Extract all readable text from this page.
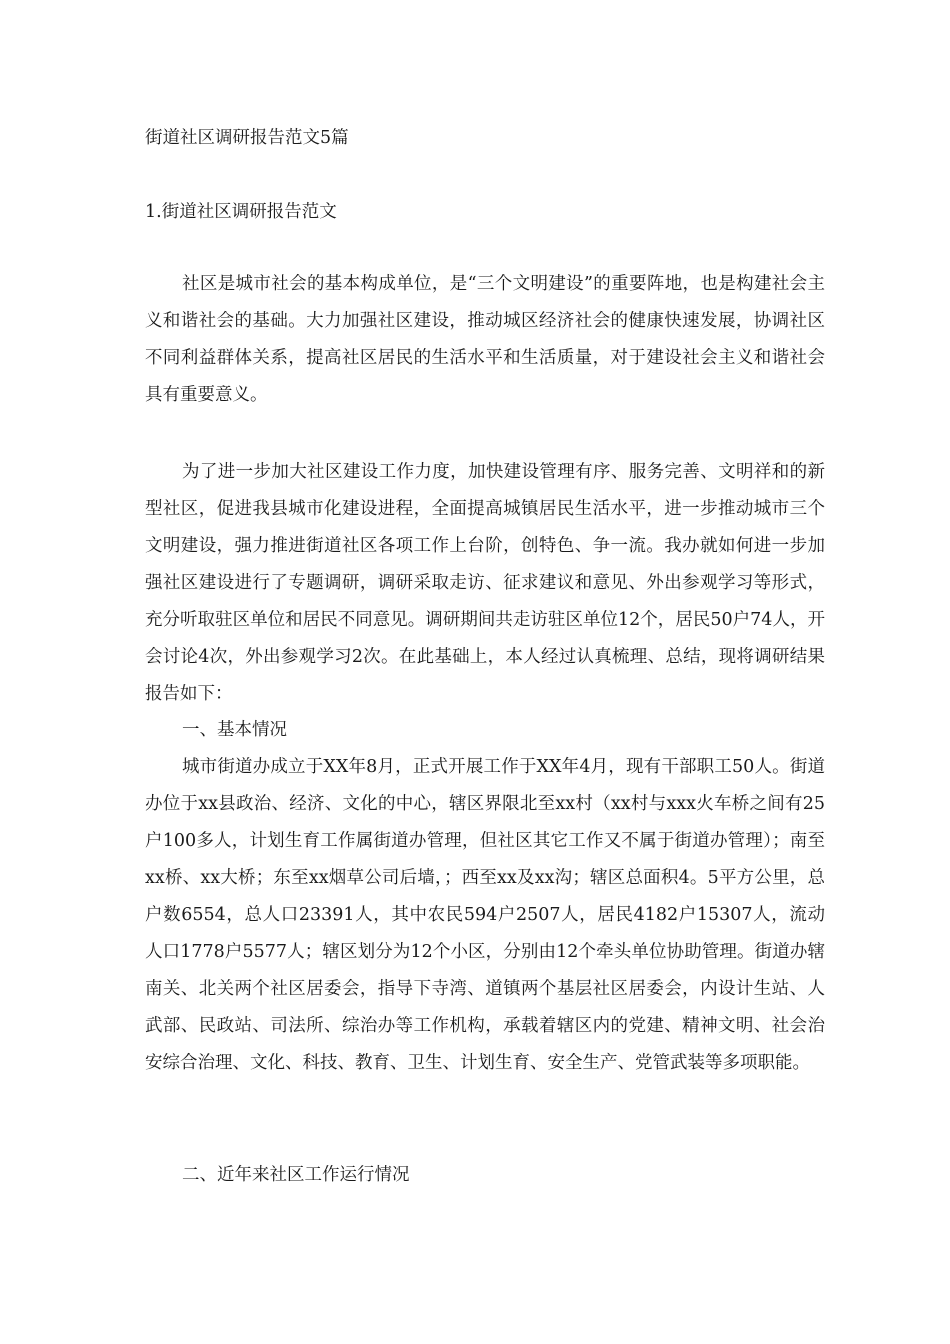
街道社区调研报告范文5篇
1.街道社区调研报告范文
社区是城市社会的基本构成单位，是“三个文明建设”的重要阵地，也是构建社会主义和谐社会的基础。大力加强社区建设，推动城区经济社会的健康快速发展，协调社区不同利益群体关系，提高社区居民的生活水平和生活质量，对于建设社会主义和谐社会具有重要意义。
为了进一步加大社区建设工作力度，加快建设管理有序、服务完善、文明祥和的新型社区，促进我县城市化建设进程，全面提高城镇居民生活水平，进一步推动城市三个文明建设，强力推进街道社区各项工作上台阶，创特色、争一流。我办就如何进一步加强社区建设进行了专题调研，调研采取走访、征求建议和意见、外出参观学习等形式，充分听取驻区单位和居民不同意见。调研期间共走访驻区单位12个，居民50户74人，开会讨论4次，外出参观学习2次。在此基础上，本人经过认真梳理、总结，现将调研结果报告如下：
一、基本情况
城市街道办成立于XX年8月，正式开展工作于XX年4月，现有干部职工50人。街道办位于xx县政治、经济、文化的中心，辖区界限北至xx村（xx村与xxx火车桥之间有25户100多人，计划生育工作属街道办管理，但社区其它工作又不属于街道办管理）；南至xx桥、xx大桥；东至xx烟草公司后墙，；西至xx及xx沟；辖区总面积4。5平方公里，总户数6554，总人口23391人，其中农民594户2507人，居民4182户15307人，流动人口1778户5577人；辖区划分为12个小区，分别由12个牵头单位协助管理。街道办辖南关、北关两个社区居委会，指导下寺湾、道镇两个基层社区居委会，内设计生站、人武部、民政站、司法所、综治办等工作机构，承载着辖区内的党建、精神文明、社会治安综合治理、文化、科技、教育、卫生、计划生育、安全生产、党管武装等多项职能。
二、近年来社区工作运行情况
